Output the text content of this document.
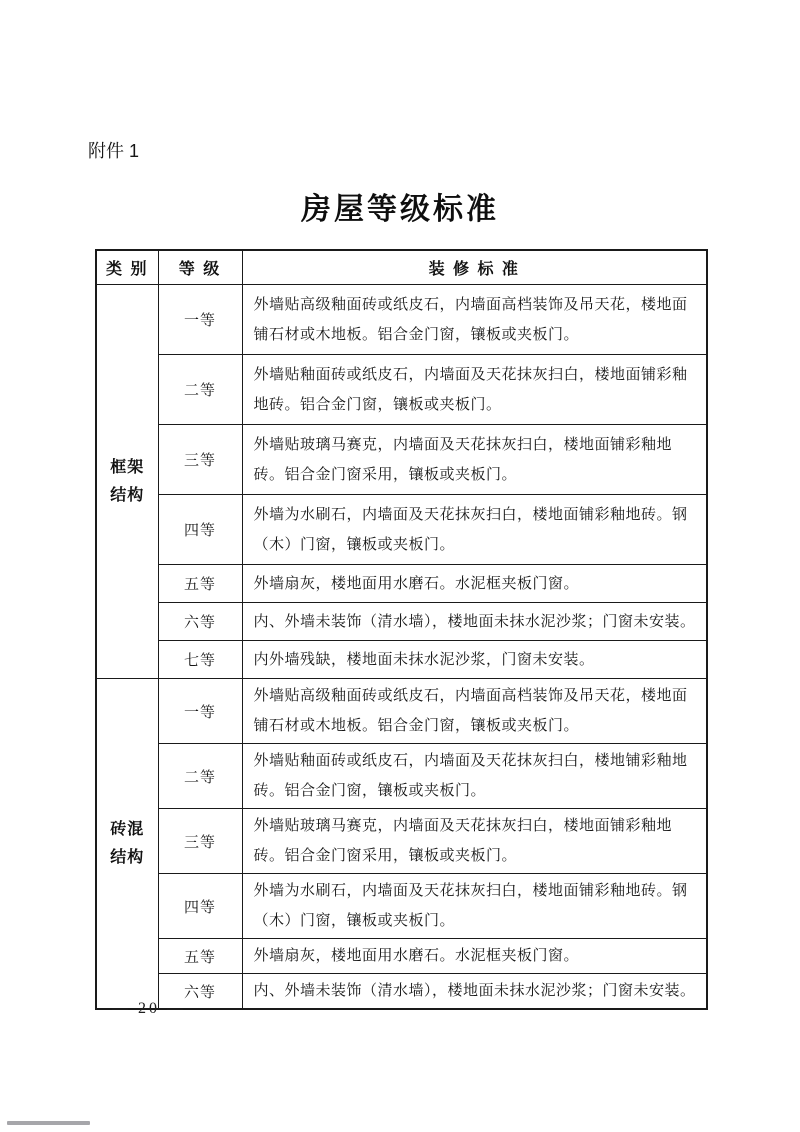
附件 1
房屋等级标准
类 别	等 级	装 修 标 准
框架结构	一等	外墙贴高级釉面砖或纸皮石，内墙面高档装饰及吊天花，楼地面铺石材或木地板。铝合金门窗，镶板或夹板门。
	二等	外墙贴釉面砖或纸皮石，内墙面及天花抹灰扫白，楼地面铺彩釉地砖。铝合金门窗，镶板或夹板门。
	三等	外墙贴玻璃马赛克，内墙面及天花抹灰扫白，楼地面铺彩釉地砖。铝合金门窗采用，镶板或夹板门。
	四等	外墙为水刷石，内墙面及天花抹灰扫白，楼地面铺彩釉地砖。钢（木）门窗，镶板或夹板门。
	五等	外墙扇灰，楼地面用水磨石。水泥框夹板门窗。
	六等	内、外墙未装饰（清水墙），楼地面未抹水泥沙浆；门窗未安装。
	七等	内外墙残缺，楼地面未抹水泥沙浆，门窗未安装。
砖混结构	一等	外墙贴高级釉面砖或纸皮石，内墙面高档装饰及吊天花，楼地面铺石材或木地板。铝合金门窗，镶板或夹板门。
	二等	外墙贴釉面砖或纸皮石，内墙面及天花抹灰扫白，楼地铺彩釉地砖。铝合金门窗，镶板或夹板门。
	三等	外墙贴玻璃马赛克，内墙面及天花抹灰扫白，楼地面铺彩釉地砖。铝合金门窗采用，镶板或夹板门。
	四等	外墙为水刷石，内墙面及天花抹灰扫白，楼地面铺彩釉地砖。钢（木）门窗，镶板或夹板门。
	五等	外墙扇灰，楼地面用水磨石。水泥框夹板门窗。
	六等	内、外墙未装饰（清水墙），楼地面未抹水泥沙浆；门窗未安装。
— 20 —
